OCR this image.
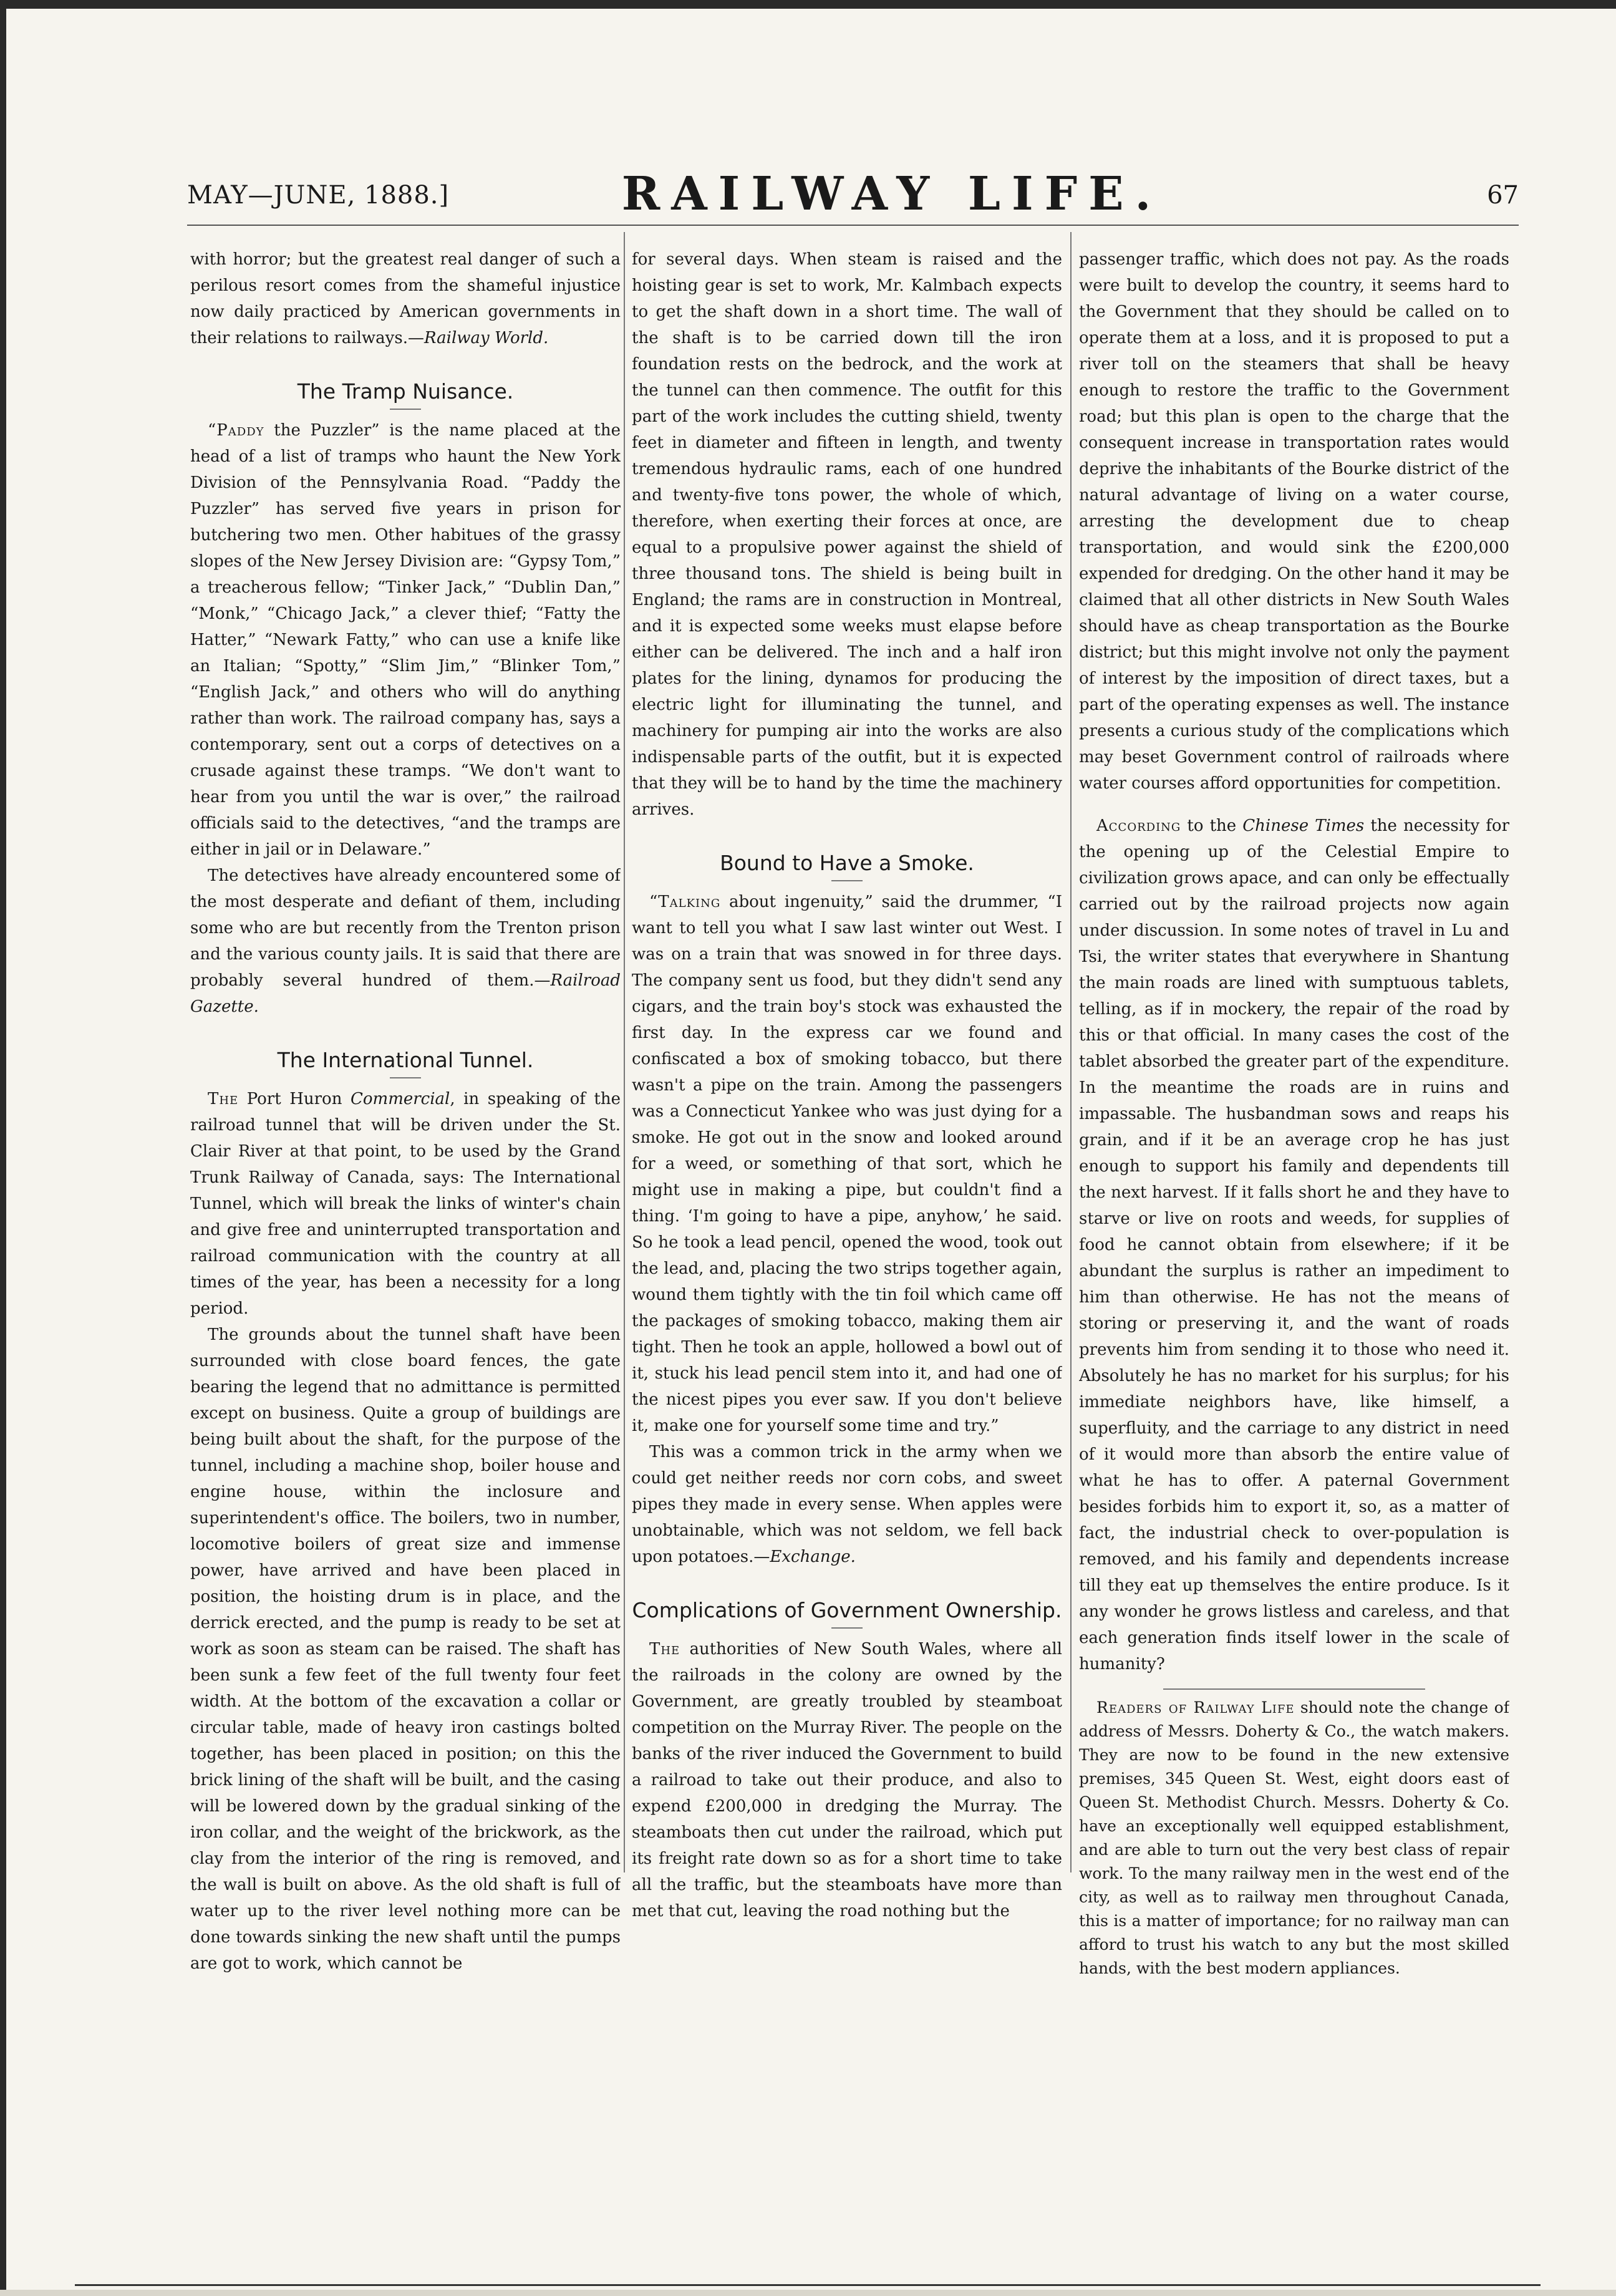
MAY—JUNE, 1888.]	RAILWAY LIFE.	67

with horror; but the greatest real danger of such a perilous resort comes from the shameful injustice now daily practiced by American governments in their relations to railways.—Railway World.

The Tramp Nuisance.

“Paddy the Puzzler” is the name placed at the head of a list of tramps who haunt the New York Division of the Pennsylvania Road. “Paddy the Puzzler” has served five years in prison for butchering two men. Other habitues of the grassy slopes of the New Jersey Division are: “Gypsy Tom,” a treacherous fellow; “Tinker Jack,” “Dublin Dan,” “Monk,” “Chicago Jack,” a clever thief; “Fatty the Hatter,” “Newark Fatty,” who can use a knife like an Italian; “Spotty,” “Slim Jim,” “Blinker Tom,” “English Jack,” and others who will do anything rather than work. The railroad company has, says a contemporary, sent out a corps of detectives on a crusade against these tramps. “We don't want to hear from you until the war is over,” the railroad officials said to the detectives, “and the tramps are either in jail or in Delaware.”

The detectives have already encountered some of the most desperate and defiant of them, including some who are but recently from the Trenton prison and the various county jails. It is said that there are probably several hundred of them.—Railroad Gazette.

The International Tunnel.

The Port Huron Commercial, in speaking of the railroad tunnel that will be driven under the St. Clair River at that point, to be used by the Grand Trunk Railway of Canada, says: The International Tunnel, which will break the links of winter's chain and give free and uninterrupted transportation and railroad communication with the country at all times of the year, has been a necessity for a long period.

The grounds about the tunnel shaft have been surrounded with close board fences, the gate bearing the legend that no admittance is permitted except on business. Quite a group of buildings are being built about the shaft, for the purpose of the tunnel, including a machine shop, boiler house and engine house, within the inclosure and superintendent's office. The boilers, two in number, locomotive boilers of great size and immense power, have arrived and have been placed in position, the hoisting drum is in place, and the derrick erected, and the pump is ready to be set at work as soon as steam can be raised. The shaft has been sunk a few feet of the full twenty four feet width. At the bottom of the excavation a collar or circular table, made of heavy iron castings bolted together, has been placed in position; on this the brick lining of the shaft will be built, and the casing will be lowered down by the gradual sinking of the iron collar, and the weight of the brickwork, as the clay from the interior of the ring is removed, and the wall is built on above. As the old shaft is full of water up to the river level nothing more can be done towards sinking the new shaft until the pumps are got to work, which cannot be

for several days. When steam is raised and the hoisting gear is set to work, Mr. Kalmbach expects to get the shaft down in a short time. The wall of the shaft is to be carried down till the iron foundation rests on the bedrock, and the work at the tunnel can then commence. The outfit for this part of the work includes the cutting shield, twenty feet in diameter and fifteen in length, and twenty tremendous hydraulic rams, each of one hundred and twenty-five tons power, the whole of which, therefore, when exerting their forces at once, are equal to a propulsive power against the shield of three thousand tons. The shield is being built in England; the rams are in construction in Montreal, and it is expected some weeks must elapse before either can be delivered. The inch and a half iron plates for the lining, dynamos for producing the electric light for illuminating the tunnel, and machinery for pumping air into the works are also indispensable parts of the outfit, but it is expected that they will be to hand by the time the machinery arrives.

Bound to Have a Smoke.

“Talking about ingenuity,” said the drummer, “I want to tell you what I saw last winter out West. I was on a train that was snowed in for three days. The company sent us food, but they didn't send any cigars, and the train boy's stock was exhausted the first day. In the express car we found and confiscated a box of smoking tobacco, but there wasn't a pipe on the train. Among the passengers was a Connecticut Yankee who was just dying for a smoke. He got out in the snow and looked around for a weed, or something of that sort, which he might use in making a pipe, but couldn't find a thing. ‘I'm going to have a pipe, anyhow,’ he said. So he took a lead pencil, opened the wood, took out the lead, and, placing the two strips together again, wound them tightly with the tin foil which came off the packages of smoking tobacco, making them air tight. Then he took an apple, hollowed a bowl out of it, stuck his lead pencil stem into it, and had one of the nicest pipes you ever saw. If you don't believe it, make one for yourself some time and try.”

This was a common trick in the army when we could get neither reeds nor corn cobs, and sweet pipes they made in every sense. When apples were unobtainable, which was not seldom, we fell back upon potatoes.—Exchange.

Complications of Government Ownership.

The authorities of New South Wales, where all the railroads in the colony are owned by the Government, are greatly troubled by steamboat competition on the Murray River. The people on the banks of the river induced the Government to build a railroad to take out their produce, and also to expend £200,000 in dredging the Murray. The steamboats then cut under the railroad, which put its freight rate down so as for a short time to take all the traffic, but the steamboats have more than met that cut, leaving the road nothing but the

passenger traffic, which does not pay. As the roads were built to develop the country, it seems hard to the Government that they should be called on to operate them at a loss, and it is proposed to put a river toll on the steamers that shall be heavy enough to restore the traffic to the Government road; but this plan is open to the charge that the consequent increase in transportation rates would deprive the inhabitants of the Bourke district of the natural advantage of living on a water course, arresting the development due to cheap transportation, and would sink the £200,000 expended for dredging. On the other hand it may be claimed that all other districts in New South Wales should have as cheap transportation as the Bourke district; but this might involve not only the payment of interest by the imposition of direct taxes, but a part of the operating expenses as well. The instance presents a curious study of the complications which may beset Government control of railroads where water courses afford opportunities for competition.

According to the Chinese Times the necessity for the opening up of the Celestial Empire to civilization grows apace, and can only be effectually carried out by the railroad projects now again under discussion. In some notes of travel in Lu and Tsi, the writer states that everywhere in Shantung the main roads are lined with sumptuous tablets, telling, as if in mockery, the repair of the road by this or that official. In many cases the cost of the tablet absorbed the greater part of the expenditure. In the meantime the roads are in ruins and impassable. The husbandman sows and reaps his grain, and if it be an average crop he has just enough to support his family and dependents till the next harvest. If it falls short he and they have to starve or live on roots and weeds, for supplies of food he cannot obtain from elsewhere; if it be abundant the surplus is rather an impediment to him than otherwise. He has not the means of storing or preserving it, and the want of roads prevents him from sending it to those who need it. Absolutely he has no market for his surplus; for his immediate neighbors have, like himself, a superfluity, and the carriage to any district in need of it would more than absorb the entire value of what he has to offer. A paternal Government besides forbids him to export it, so, as a matter of fact, the industrial check to over-population is removed, and his family and dependents increase till they eat up themselves the entire produce. Is it any wonder he grows listless and careless, and that each generation finds itself lower in the scale of humanity?

Readers of Railway Life should note the change of address of Messrs. Doherty & Co., the watch makers. They are now to be found in the new extensive premises, 345 Queen St. West, eight doors east of Queen St. Methodist Church. Messrs. Doherty & Co. have an exceptionally well equipped establishment, and are able to turn out the very best class of repair work. To the many railway men in the west end of the city, as well as to railway men throughout Canada, this is a matter of importance; for no railway man can afford to trust his watch to any but the most skilled hands, with the best modern appliances.
